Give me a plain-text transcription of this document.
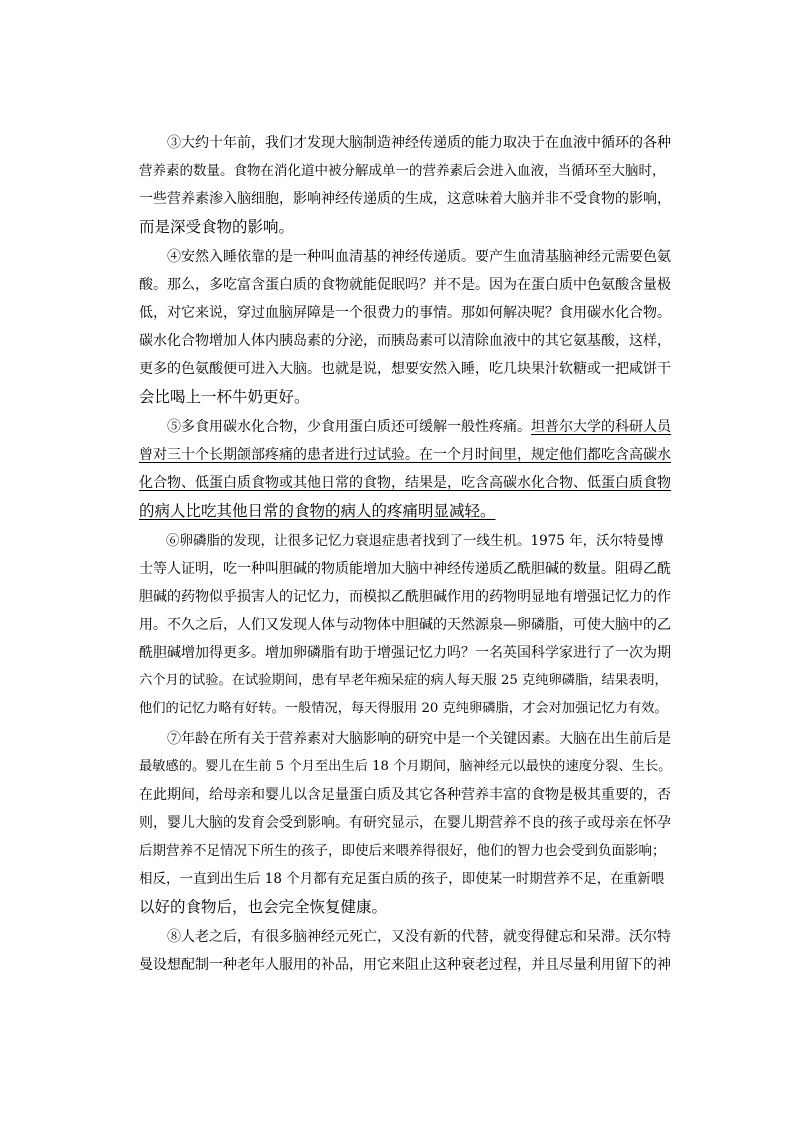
　　③大约十年前，我们才发现大脑制造神经传递质的能力取决于在血液中循环的各种
营养素的数量。食物在消化道中被分解成单一的营养素后会进入血液，当循环至大脑时，
一些营养素渗入脑细胞，影响神经传递质的生成，这意味着大脑并非不受食物的影响，
而是深受食物的影响。
　　④安然入睡依靠的是一种叫血清基的神经传递质。要产生血清基脑神经元需要色氨
酸。那么，多吃富含蛋白质的食物就能促眠吗？并不是。因为在蛋白质中色氨酸含量极
低，对它来说，穿过血脑屏障是一个很费力的事情。那如何解决呢？食用碳水化合物。
碳水化合物增加人体内胰岛素的分泌，而胰岛素可以清除血液中的其它氨基酸，这样，
更多的色氨酸便可进入大脑。也就是说，想要安然入睡，吃几块果汁软糖或一把咸饼干
会比喝上一杯牛奶更好。
　　⑤多食用碳水化合物，少食用蛋白质还可缓解一般性疼痛。坦普尔大学的科研人员
曾对三十个长期颌部疼痛的患者进行过试验。在一个月时间里，规定他们都吃含高碳水
化合物、低蛋白质食物或其他日常的食物，结果是，吃含高碳水化合物、低蛋白质食物
的病人比吃其他日常的食物的病人的疼痛明显减轻。
　　⑥卵磷脂的发现，让很多记忆力衰退症患者找到了一线生机。1975 年，沃尔特曼博
士等人证明，吃一种叫胆碱的物质能增加大脑中神经传递质乙酰胆碱的数量。阻碍乙酰
胆碱的药物似乎损害人的记忆力，而模拟乙酰胆碱作用的药物明显地有增强记忆力的作
用。不久之后，人们又发现人体与动物体中胆碱的天然源泉—卵磷脂，可使大脑中的乙
酰胆碱增加得更多。增加卵磷脂有助于增强记忆力吗？一名英国科学家进行了一次为期
六个月的试验。在试验期间，患有早老年痴呆症的病人每天服 25 克纯卵磷脂，结果表明，
他们的记忆力略有好转。一般情况，每天得服用 20 克纯卵磷脂，才会对加强记忆力有效。
　　⑦年龄在所有关于营养素对大脑影响的研究中是一个关键因素。大脑在出生前后是
最敏感的。婴儿在生前 5 个月至出生后 18 个月期间，脑神经元以最快的速度分裂、生长。
在此期间，给母亲和婴儿以含足量蛋白质及其它各种营养丰富的食物是极其重要的，否
则，婴儿大脑的发育会受到影响。有研究显示，在婴儿期营养不良的孩子或母亲在怀孕
后期营养不足情况下所生的孩子，即使后来喂养得很好，他们的智力也会受到负面影响；
相反，一直到出生后 18 个月都有充足蛋白质的孩子，即使某一时期营养不足，在重新喂
以好的食物后，也会完全恢复健康。
　　⑧人老之后，有很多脑神经元死亡，又没有新的代替，就变得健忘和呆滞。沃尔特
曼设想配制一种老年人服用的补品，用它来阻止这种衰老过程，并且尽量利用留下的神
